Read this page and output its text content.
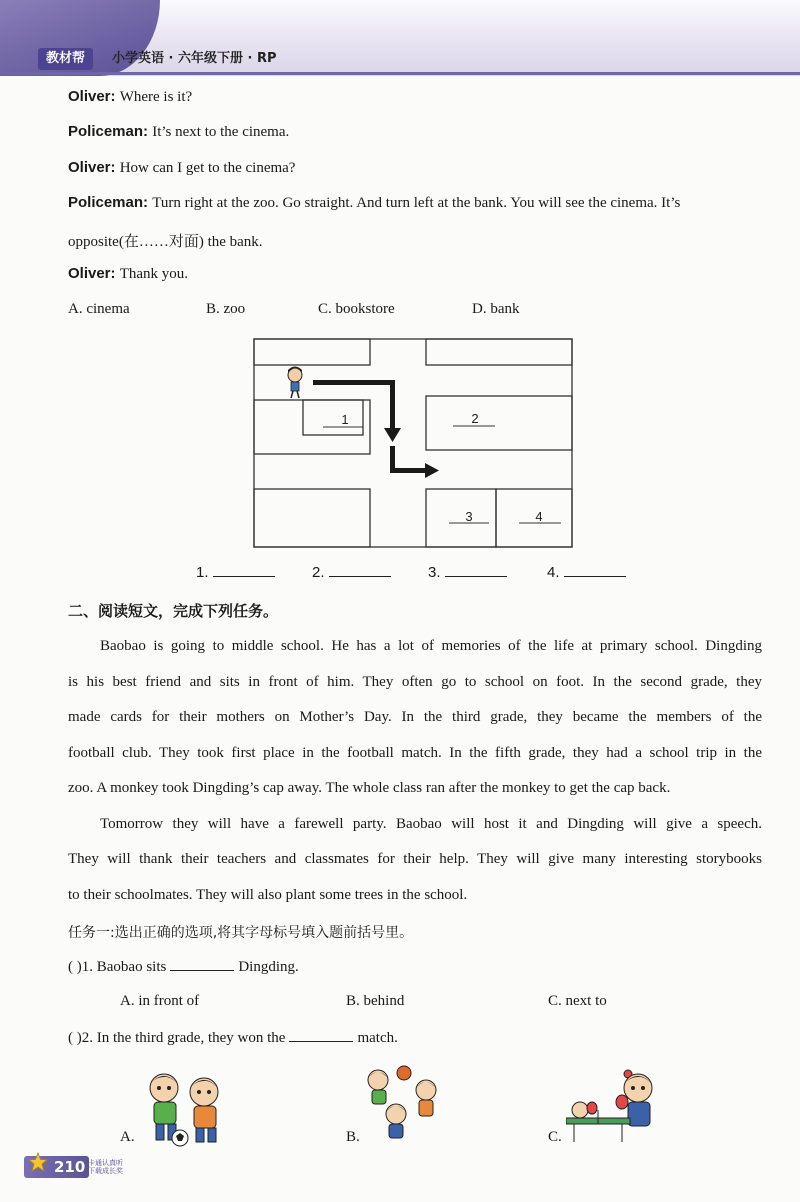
教材帮	小学英语 · 六年级下册 · RP
Oliver: Where is it?
Policeman: It’s next to the cinema.
Oliver: How can I get to the cinema?
Policeman: Turn right at the zoo. Go straight. And turn left at the bank. You will see the cinema. It’s
opposite(在……对面) the bank.
Oliver: Thank you.
A. cinema	B. zoo	C. bookstore	D. bank
1	2
3	4
1.	2.	3.	4.
二、阅读短文，完成下列任务。
Baobao is going to middle school. He has a lot of memories of the life at primary school. Dingding
is his best friend and sits in front of him. They often go to school on foot. In the second grade, they
made cards for their mothers on Mother’s Day. In the third grade, they became the members of the
football club. They took first place in the football match. In the fifth grade, they had a school trip in the
zoo. A monkey took Dingding’s cap away. The whole class ran after the monkey to get the cap back.
Tomorrow they will have a farewell party. Baobao will host it and Dingding will give a speech.
They will thank their teachers and classmates for their help. They will give many interesting storybooks
to their schoolmates. They will also plant some trees in the school.
任务一:选出正确的选项,将其字母标号填入题前括号里。
( )1. Baobao sits	Dingding.
A. in front of	B. behind	C. next to
( )2. In the third grade, they won the	match.
A.	B.	C.
210 卡通认真听
下载成长奖
